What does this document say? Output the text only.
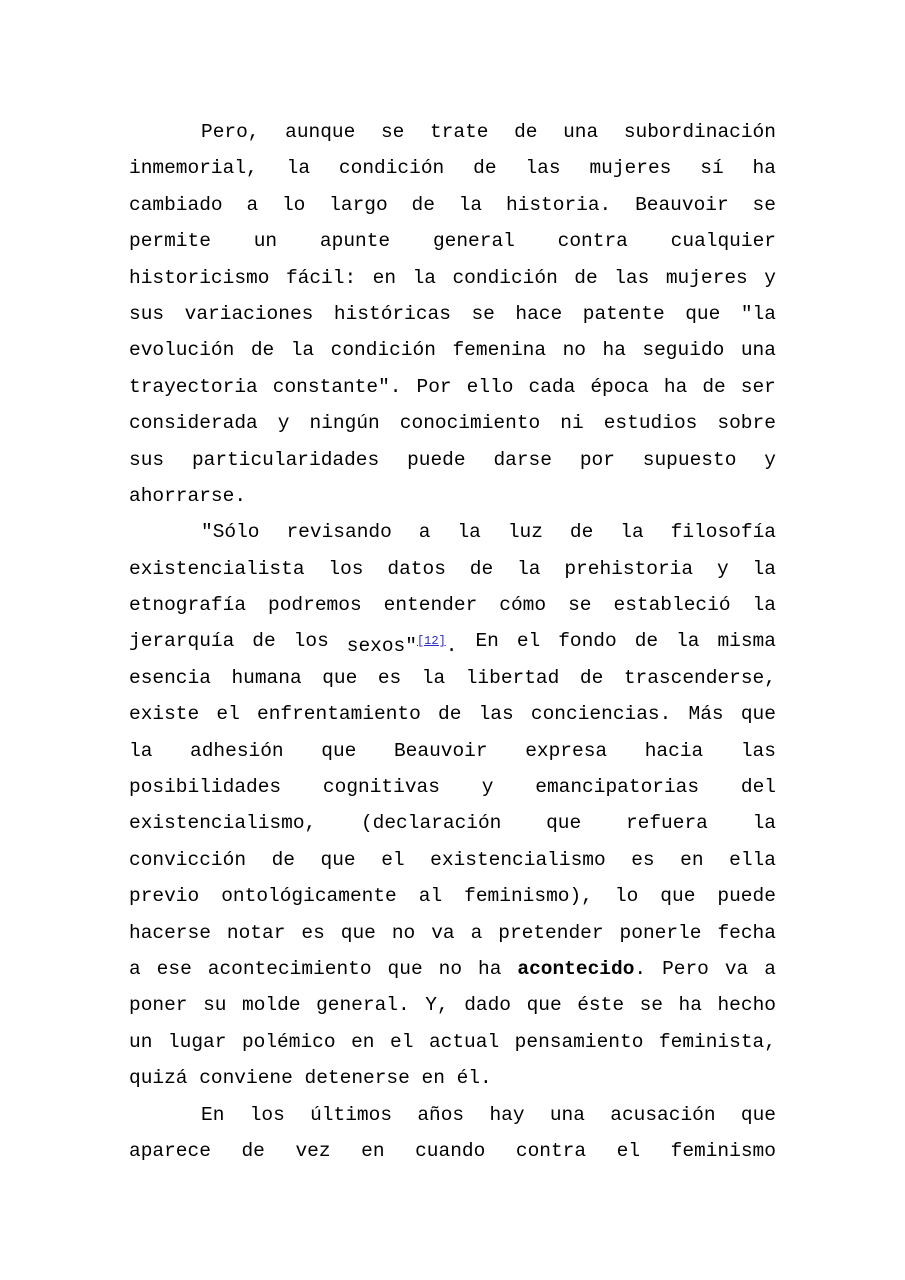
Pero, aunque se trate de una subordinación
inmemorial, la condición de las mujeres sí ha
cambiado a lo largo de la historia. Beauvoir se
permite un apunte general contra cualquier
historicismo fácil: en la condición de las mujeres y
sus variaciones históricas se hace patente que "la
evolución de la condición femenina no ha seguido una
trayectoria constante". Por ello cada época ha de ser
considerada y ningún conocimiento ni estudios sobre
sus particularidades puede darse por supuesto y
ahorrarse.
"Sólo revisando a la luz de la filosofía
existencialista los datos de la prehistoria y la
etnografía podremos entender cómo se estableció la
jerarquía de los sexos"[12]. En el fondo de la misma
esencia humana que es la libertad de trascenderse,
existe el enfrentamiento de las conciencias. Más que
la adhesión que Beauvoir expresa hacia las
posibilidades cognitivas y emancipatorias del
existencialismo, (declaración que refuera la
convicción de que el existencialismo es en ella
previo ontológicamente al feminismo), lo que puede
hacerse notar es que no va a pretender ponerle fecha
a ese acontecimiento que no ha acontecido. Pero va a
poner su molde general. Y, dado que éste se ha hecho
un lugar polémico en el actual pensamiento feminista,
quizá conviene detenerse en él.
En los últimos años hay una acusación que
aparece de vez en cuando contra el feminismo
